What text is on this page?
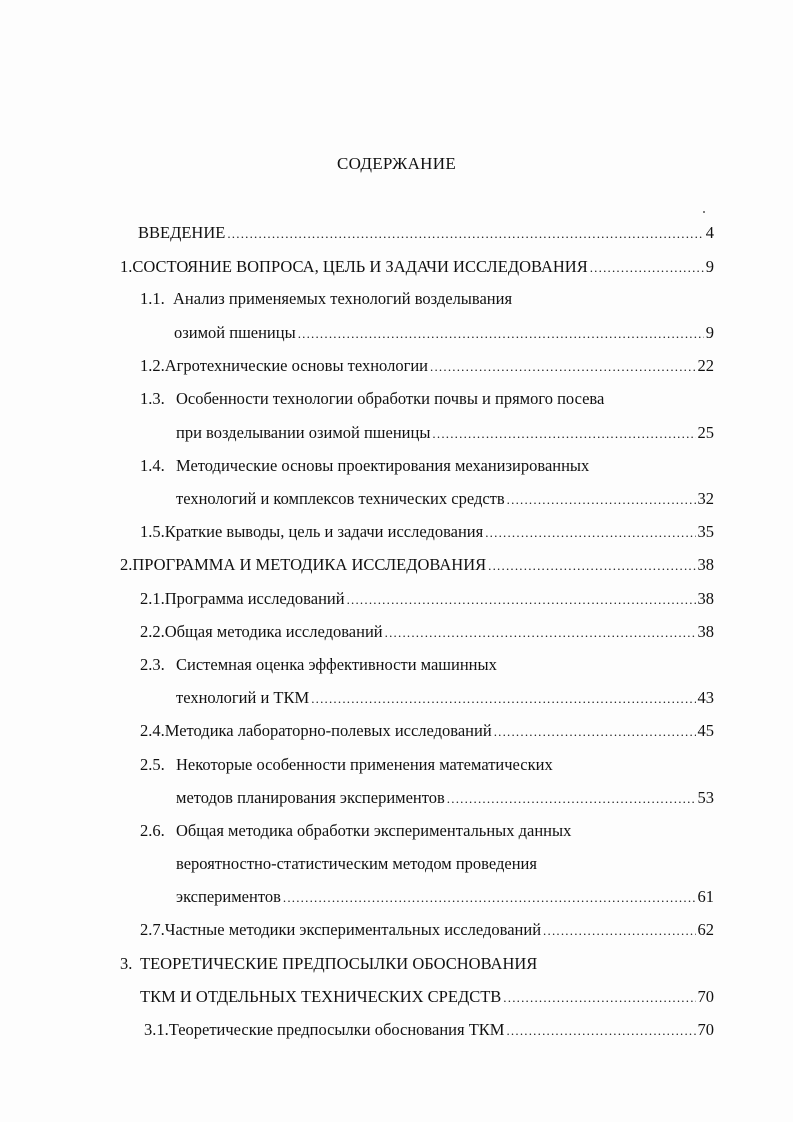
СОДЕРЖАНИЕ
ВВЕДЕНИЕ .....	4
1. СОСТОЯНИЕ ВОПРОСА, ЦЕЛЬ И ЗАДАЧИ ИССЛЕДОВАНИЯ .....	9
1.1. Анализ применяемых технологий возделывания
озимой пшеницы .....	9
1.2. Агротехнические основы технологии .....	22
1.3. Особенности технологии обработки почвы и прямого посева
при возделывании озимой пшеницы .....	25
1.4. Методические основы проектирования механизированных
технологий и комплексов технических средств .....	32
1.5. Краткие выводы, цель и задачи исследования .....	35
2. ПРОГРАММА И МЕТОДИКА ИССЛЕДОВАНИЯ .....	38
2.1. Программа исследований .....	38
2.2. Общая методика исследований .....	38
2.3. Системная оценка эффективности машинных
технологий и ТКМ .....	43
2.4. Методика лабораторно-полевых исследований .....	45
2.5. Некоторые особенности применения математических
методов планирования экспериментов .....	53
2.6. Общая методика обработки экспериментальных данных
вероятностно-статистическим методом проведения
экспериментов .....	61
2.7. Частные методики экспериментальных исследований .....	62
3. ТЕОРЕТИЧЕСКИЕ ПРЕДПОСЫЛКИ ОБОСНОВАНИЯ
ТКМ И ОТДЕЛЬНЫХ ТЕХНИЧЕСКИХ СРЕДСТВ .....	70
3.1. Теоретические предпосылки обоснования ТКМ .....	70
